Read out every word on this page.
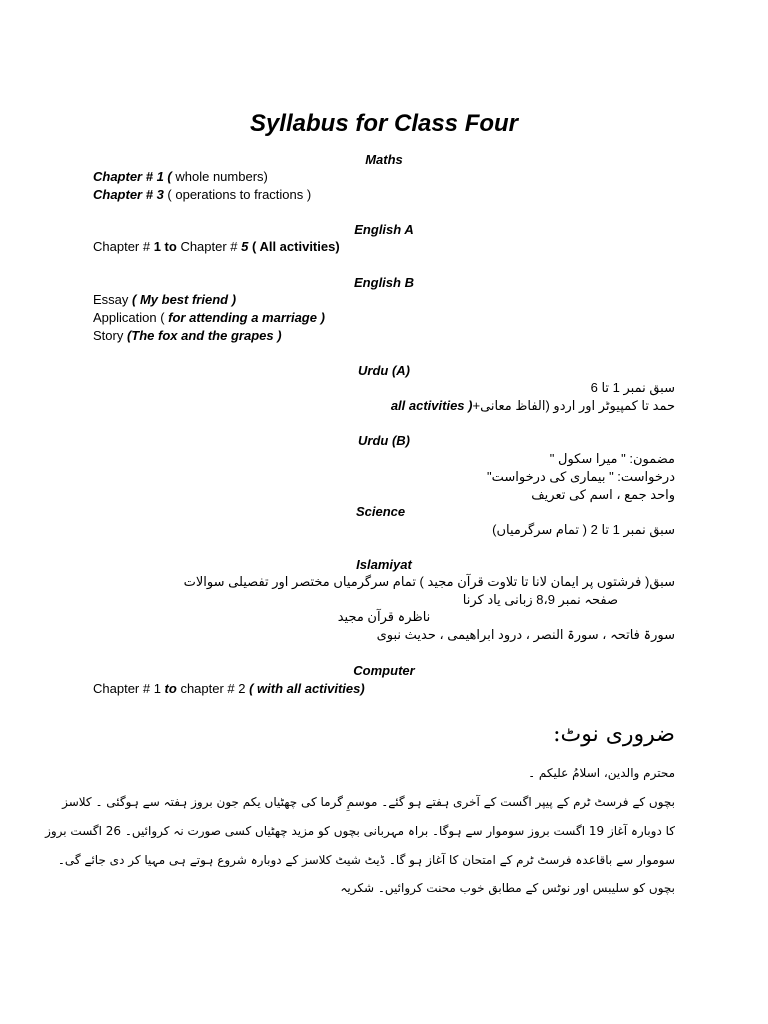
Syllabus for Class Four
Maths
Chapter # 1 ( whole numbers)
Chapter # 3 ( operations to fractions )
English A
Chapter # 1 to Chapter # 5 ( All activities)
English B
Essay ( My best friend )
Application ( for attending a marriage )
Story (The fox and the grapes )
Urdu (A)
سبق نمبر 1 تا 6
حمد تا کمپیوٹر اور اردو (الفاظ معانی+ all activities )
Urdu (B)
مضمون: " میرا سکول "
درخواست: " بیماری کی درخواست"
واحد جمع ، اسم کی تعریف
Science
سبق نمبر 1 تا 2 ( تمام سرگرمیاں)
Islamiyat
سبق( فرشتوں پر ایمان لانا تا تلاوت قرآن مجید ) تمام سرگرمیاں مختصر اور تفصیلی سوالات
صفحہ نمبر 8،9 زبانی یاد کرنا
ناظرہ قرآن مجید
سورۃ فاتحہ ، سورۃ النصر ، درود ابراھیمی ، حدیث نبوی
Computer
Chapter # 1 to chapter # 2 ( with all activities)
ضروری نوٹ:
محترم والدین، اسلامُ علیکم ۔
بچوں کے فرسٹ ٹرم کے پیپر اگست کے آخری ہفتے ہو گئے۔ موسمِ گرما کی چھٹیاں یکم جون بروز ہفتہ سے ہوگئی ۔ کلاسز
کا دوبارہ آغاز 19 اگست بروز سوموار سے ہوگا۔ براہ مہربانی بچوں کو مزید چھٹیاں کسی صورت نہ کروائیں۔ 26 اگست بروز
سوموار سے باقاعدہ فرسٹ ٹرم کے امتحان کا آغاز ہو گا۔ ڈیٹ شیٹ کلاسز کے دوبارہ شروع ہوتے ہی مہیا کر دی جائے گی۔
بچوں کو سلیبس اور نوٹس کے مطابق خوب محنت کروائیں۔ شکریہ
